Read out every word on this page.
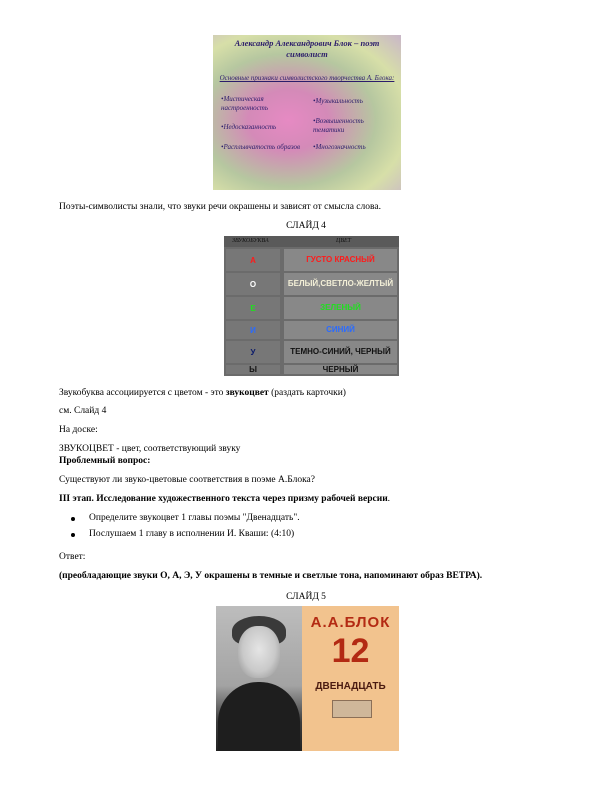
Александр Александрович Блок – поэт символист
Основные признаки символистского творчества А. Блока:
•Мистическая настроенность
•Недосказанность
•Расплывчатость образов
•Музыкальность
•Возвышенность тематики
•Многозначность
Поэты-символисты знали, что звуки речи окрашены и зависят от смысла слова.
СЛАЙД 4
ЗВУКОБУКВА	ЦВЕТ
А	ГУСТО КРАСНЫЙ
О	БЕЛЫЙ,СВЕТЛО-ЖЕЛТЫЙ
Е	ЗЕЛЕНЫЙ
И	СИНИЙ
У	ТЕМНО-СИНИЙ, ЧЕРНЫЙ
Ы	ЧЕРНЫЙ
Звукобуква ассоциируется с цветом - это звукоцвет (раздать карточки)
см. Слайд 4
На доске:
ЗВУКОЦВЕТ - цвет, соответствующий звуку
Проблемный вопрос:
Существуют ли звуко-цветовые соответствия в поэме А.Блока?
III этап. Исследование художественного текста через призму рабочей версии.
Определите звукоцвет 1 главы поэмы "Двенадцать".
Послушаем 1 главу в исполнении И. Кваши: (4:10)
Ответ:
(преобладающие звуки О, А, Э, У окрашены в темные и светлые тона, напоминают образ ВЕТРА).
СЛАЙД 5
А.А.БЛОК
12
ДВЕНАДЦАТЬ
